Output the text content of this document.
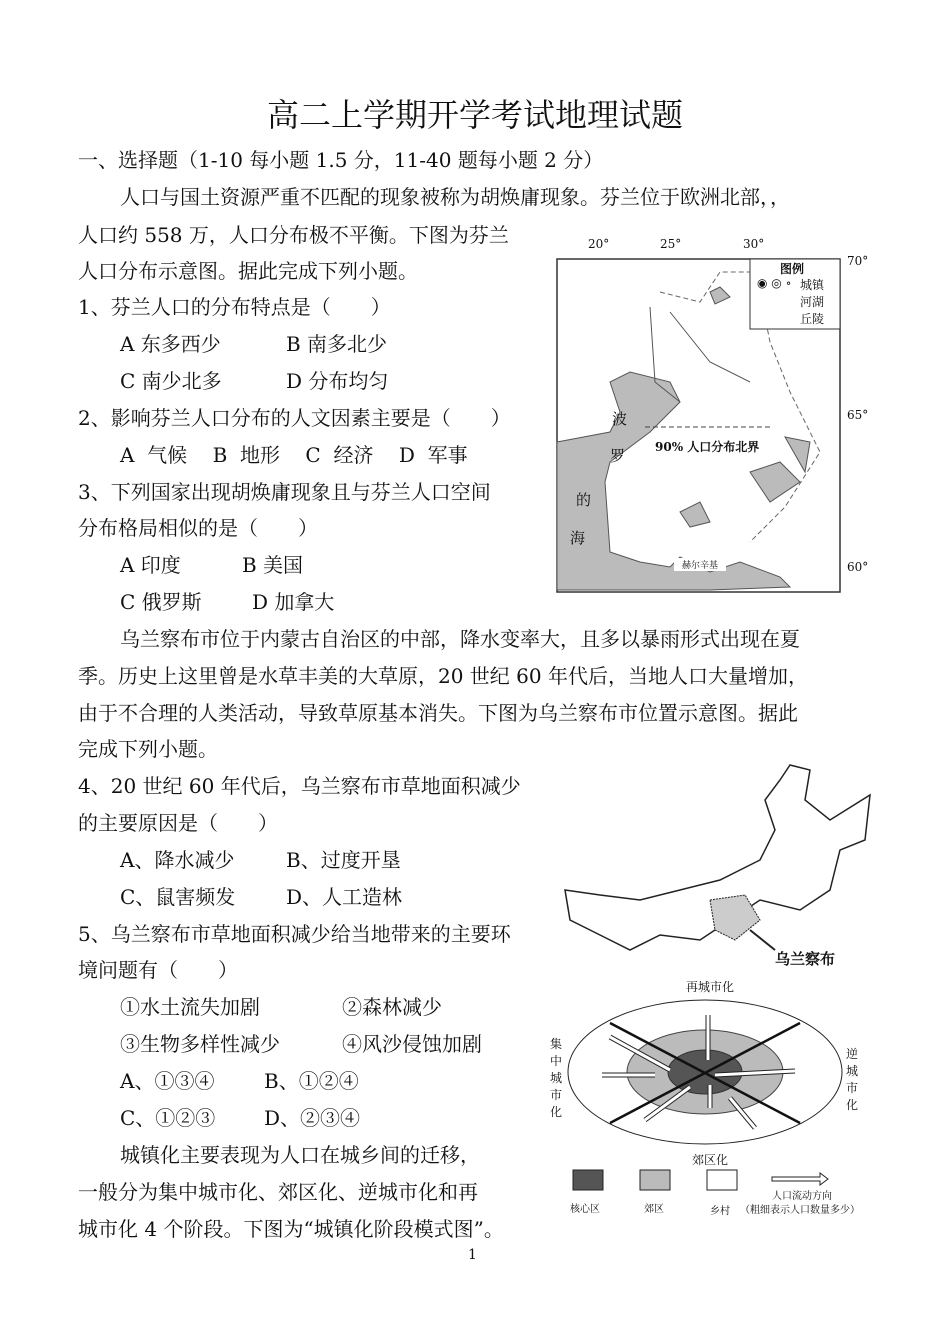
高二上学期开学考试地理试题
一、选择题（1-10 每小题 1.5 分，11-40 题每小题 2 分）
人口与国土资源严重不匹配的现象被称为胡焕庸现象。芬兰位于欧洲北部，，
人口约 558 万，人口分布极不平衡。下图为芬兰
人口分布示意图。据此完成下列小题。
1、芬兰人口的分布特点是（　　）
A 东多西少	B 南多北少
C 南少北多	D 分布均匀
2、影响芬兰人口分布的人文因素主要是（　　）
A  气候    B  地形    C  经济    D  军事
3、下列国家出现胡焕庸现象且与芬兰人口空间
分布格局相似的是（　　）
A 印度	B 美国
C 俄罗斯	D 加拿大
乌兰察布市位于内蒙古自治区的中部，降水变率大，且多以暴雨形式出现在夏
季。历史上这里曾是水草丰美的大草原，20 世纪 60 年代后，当地人口大量增加，
由于不合理的人类活动，导致草原基本消失。下图为乌兰察布市位置示意图。据此
完成下列小题。
4、20 世纪 60 年代后，乌兰察布市草地面积减少
的主要原因是（　　）
A、降水减少	B、过度开垦
C、鼠害频发	D、人工造林
5、乌兰察布市草地面积减少给当地带来的主要环
境问题有（　　）
①水土流失加剧	②森林减少
③生物多样性减少	④风沙侵蚀加剧
A、①③④ B、①②④
C、①②③ D、②③④
城镇化主要表现为人口在城乡间的迁移，
一般分为集中城市化、郊区化、逆城市化和再
城市化 4 个阶段。下图为“城镇化阶段模式图”。
1
20°	25°	30°
70°
65°
60°
图例
城镇
河湖
丘陵
◉ ◎ ∘
波
罗
的
海
90% 人口分布北界
赫尔辛基
乌兰察布
再城市化
集中城市化
逆城市化
郊区化
核心区	郊区	乡村
人口流动方向
（粗细表示人口数量多少）
